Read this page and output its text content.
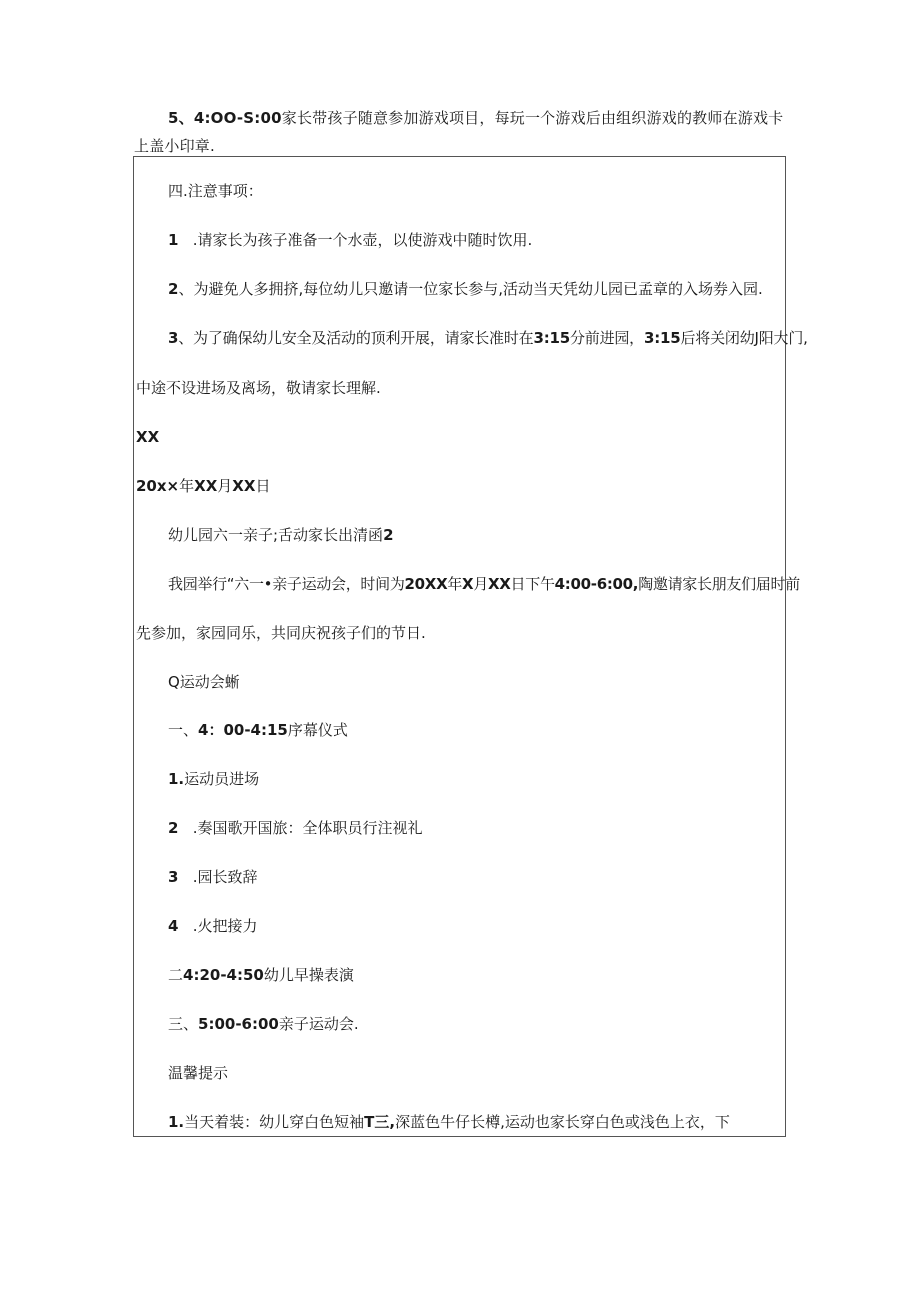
5、4:OO-S:00家长带孩子随意参加游戏项目，每玩一个游戏后由组织游戏的教师在游戏卡上盖小印章.
四.注意事项：
1 .请家长为孩子准备一个水壶，以使游戏中随时饮用.
2、为避免人多拥挤,每位幼儿只邀请一位家长参与,活动当天凭幼儿园已孟章的入场券入园.
3、为了确保幼儿安全及活动的顶利开展，请家长准时在3:15分前进园，3:15后将关闭幼J阳大门,
中途不设进场及离场，敬请家长理解.
XX
20x×年XX月XX日
幼儿园六一亲子;舌动家长出清函2
我园举行“六一•亲子运动会，时间为20XX年X月XX日下午4:00-6:00,陶邀请家长朋友们届时前
先参加，家园同乐，共同庆祝孩子们的节日.
Q运动会蜥
一、4：00-4:15序幕仪式
1.运动员进场
2 .奏国歌开国旅：全体职员行注视礼
3 .园长致辞
4 .火把接力
二4:20-4:50幼儿早操表演
三、5:00-6:00亲子运动会.
温馨提示
1.当天着装：幼儿穿白色短袖T三,深蓝色牛仔长樽,运动也家长穿白色或浅色上衣，下
